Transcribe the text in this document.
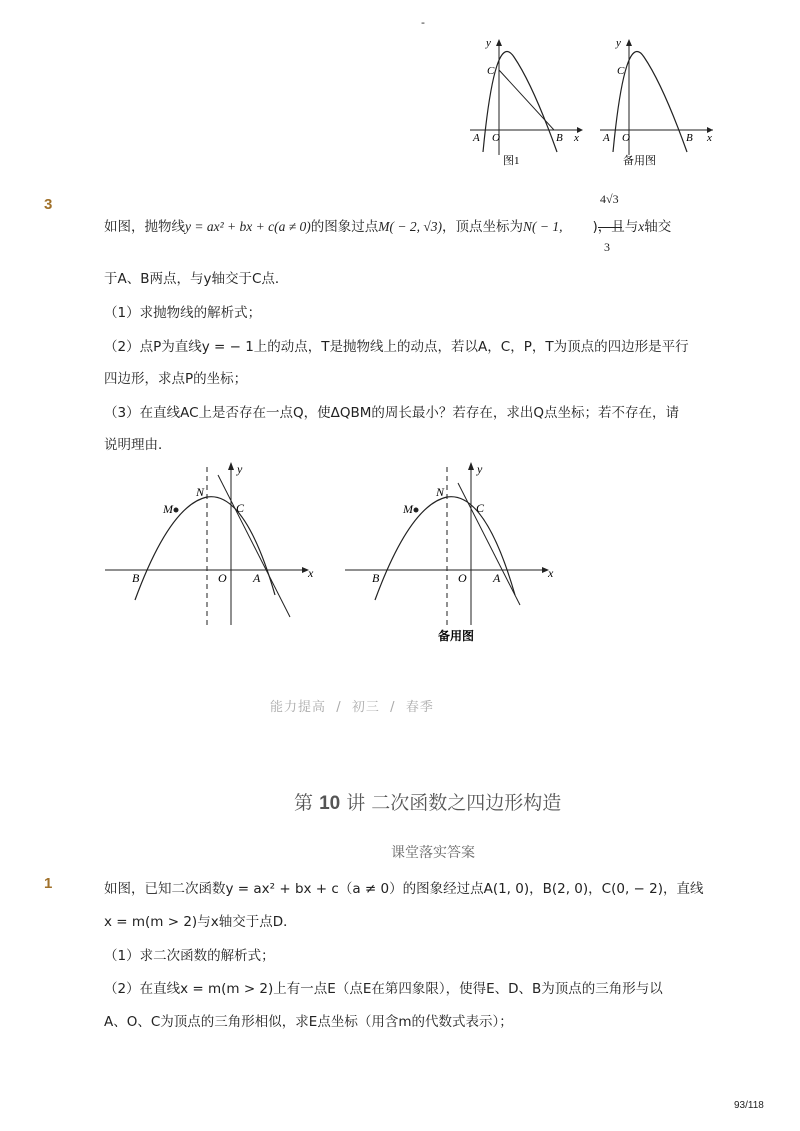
-
y
C
A O	B x
图1
y
C
A O	B x
备用图
3	4√3
3
如图，抛物线y = ax² + bx + c(a ≠ 0)的图象过点M( − 2, √3)，顶点坐标为N( − 1, )，且与x轴交
于A、B两点，与y轴交于C点．
（1）求抛物线的解析式；
（2）点P为直线y = − 1上的动点，T是抛物线上的动点，若以A，C，P，T为顶点的四边形是平行
四边形，求点P的坐标；
（3）在直线AC上是否存在一点Q，使ΔQBM的周长最小？若存在，求出Q点坐标；若不存在，请
说明理由．
y
x
N
M	C
B	O A
y
x
N
M	C
B	O A
备用图
能力提高  /  初三  /  春季
第 10 讲 二次函数之四边形构造
课堂落实答案
1	如图，已知二次函数y = ax² + bx + c（a ≠ 0）的图象经过点A(1, 0)，B(2, 0)，C(0, − 2)，直线
x = m(m > 2)与x轴交于点D．
（1）求二次函数的解析式；
（2）在直线x = m(m > 2)上有一点E（点E在第四象限），使得E、D、B为顶点的三角形与以
A、O、C为顶点的三角形相似，求E点坐标（用含m的代数式表示）；
93/118
